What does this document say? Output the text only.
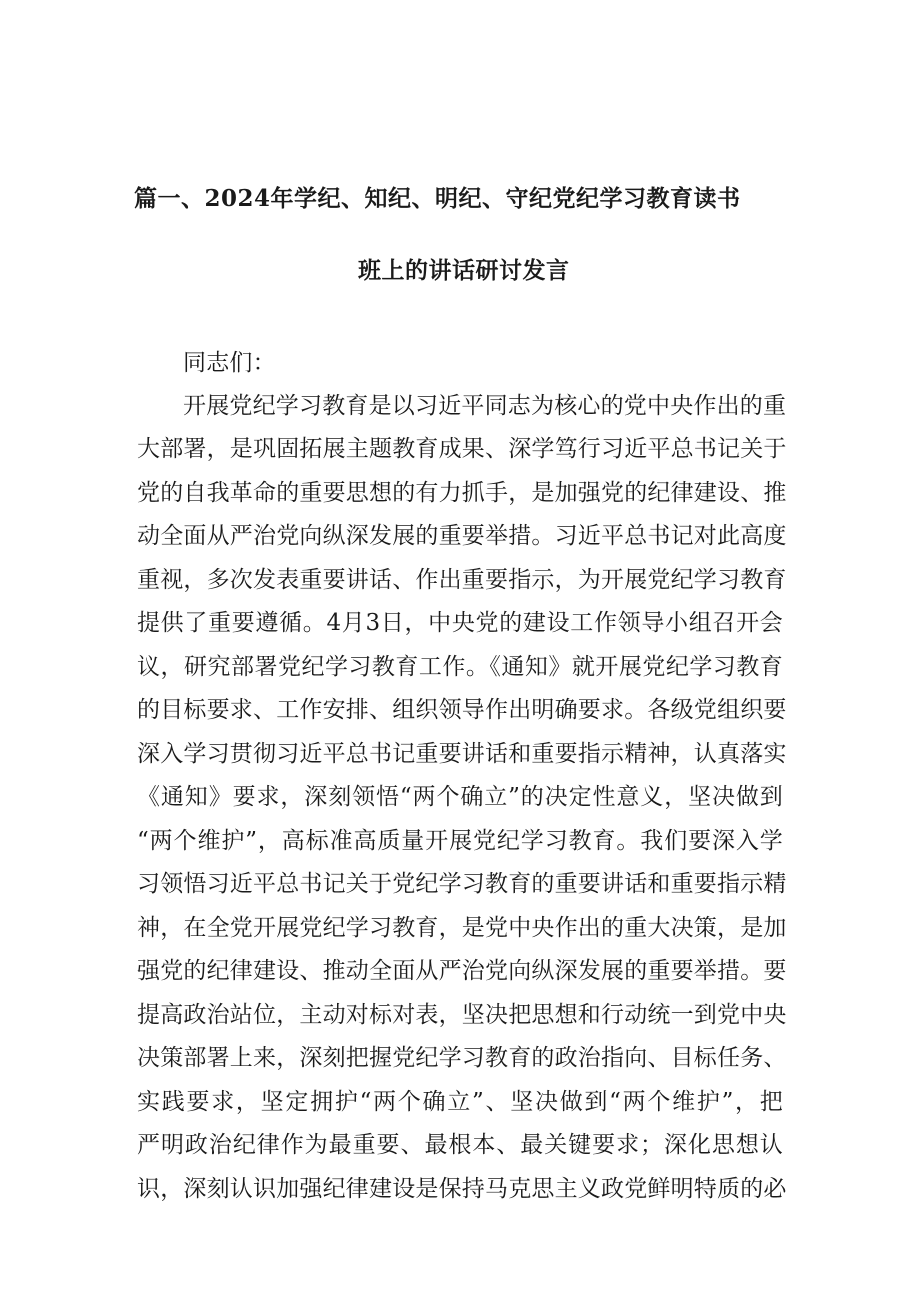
篇一、2024年学纪、知纪、明纪、守纪党纪学习教育读书
班上的讲话研讨发言
同志们：
开展党纪学习教育是以习近平同志为核心的党中央作出的重
大部署，是巩固拓展主题教育成果、深学笃行习近平总书记关于
党的自我革命的重要思想的有力抓手，是加强党的纪律建设、推
动全面从严治党向纵深发展的重要举措。习近平总书记对此高度
重视，多次发表重要讲话、作出重要指示，为开展党纪学习教育
提供了重要遵循。4月3日，中央党的建设工作领导小组召开会
议，研究部署党纪学习教育工作。《通知》就开展党纪学习教育
的目标要求、工作安排、组织领导作出明确要求。各级党组织要
深入学习贯彻习近平总书记重要讲话和重要指示精神，认真落实
《通知》要求，深刻领悟“两个确立”的决定性意义，坚决做到
“两个维护”，高标准高质量开展党纪学习教育。我们要深入学
习领悟习近平总书记关于党纪学习教育的重要讲话和重要指示精
神，在全党开展党纪学习教育，是党中央作出的重大决策，是加
强党的纪律建设、推动全面从严治党向纵深发展的重要举措。要
提高政治站位，主动对标对表，坚决把思想和行动统一到党中央
决策部署上来，深刻把握党纪学习教育的政治指向、目标任务、
实践要求，坚定拥护“两个确立”、坚决做到“两个维护”，把
严明政治纪律作为最重要、最根本、最关键要求；深化思想认
识，深刻认识加强纪律建设是保持马克思主义政党鲜明特质的必
